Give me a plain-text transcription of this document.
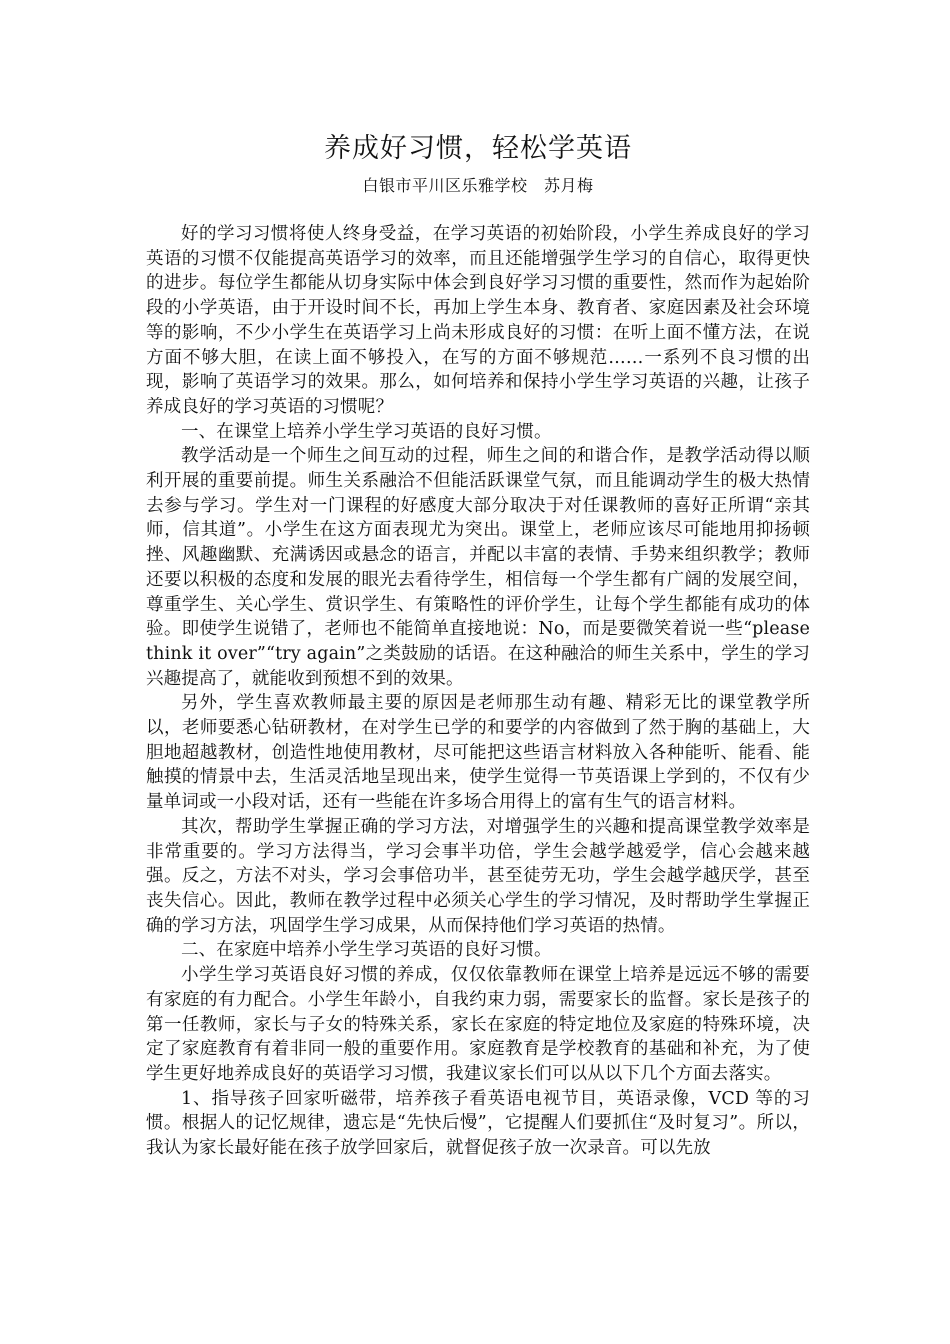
养成好习惯，轻松学英语
白银市平川区乐雅学校　苏月梅

好的学习习惯将使人终身受益，在学习英语的初始阶段，小学生养成良好的学习英语的习惯不仅能提高英语学习的效率，而且还能增强学生学习的自信心，取得更快的进步。每位学生都能从切身实际中体会到良好学习习惯的重要性，然而作为起始阶段的小学英语，由于开设时间不长，再加上学生本身、教育者、家庭因素及社会环境等的影响，不少小学生在英语学习上尚未形成良好的习惯：在听上面不懂方法，在说方面不够大胆，在读上面不够投入，在写的方面不够规范……一系列不良习惯的出现，影响了英语学习的效果。那么，如何培养和保持小学生学习英语的兴趣，让孩子养成良好的学习英语的习惯呢？

一、在课堂上培养小学生学习英语的良好习惯。

教学活动是一个师生之间互动的过程，师生之间的和谐合作，是教学活动得以顺利开展的重要前提。师生关系融洽不但能活跃课堂气氛，而且能调动学生的极大热情去参与学习。学生对一门课程的好感度大部分取决于对任课教师的喜好正所谓“亲其师，信其道”。小学生在这方面表现尤为突出。课堂上，老师应该尽可能地用抑扬顿挫、风趣幽默、充满诱因或悬念的语言，并配以丰富的表情、手势来组织教学；教师还要以积极的态度和发展的眼光去看待学生，相信每一个学生都有广阔的发展空间，尊重学生、关心学生、赏识学生、有策略性的评价学生，让每个学生都能有成功的体验。即使学生说错了，老师也不能简单直接地说：No，而是要微笑着说一些“please think it over”“try again”之类鼓励的话语。在这种融洽的师生关系中，学生的学习兴趣提高了，就能收到预想不到的效果。

另外，学生喜欢教师最主要的原因是老师那生动有趣、精彩无比的课堂教学所以，老师要悉心钻研教材，在对学生已学的和要学的内容做到了然于胸的基础上，大胆地超越教材，创造性地使用教材，尽可能把这些语言材料放入各种能听、能看、能触摸的情景中去，生活灵活地呈现出来，使学生觉得一节英语课上学到的，不仅有少量单词或一小段对话，还有一些能在许多场合用得上的富有生气的语言材料。

其次，帮助学生掌握正确的学习方法，对增强学生的兴趣和提高课堂教学效率是非常重要的。学习方法得当，学习会事半功倍，学生会越学越爱学，信心会越来越强。反之，方法不对头，学习会事倍功半，甚至徒劳无功，学生会越学越厌学，甚至丧失信心。因此，教师在教学过程中必须关心学生的学习情况，及时帮助学生掌握正确的学习方法，巩固学生学习成果，从而保持他们学习英语的热情。

二、在家庭中培养小学生学习英语的良好习惯。

小学生学习英语良好习惯的养成，仅仅依靠教师在课堂上培养是远远不够的需要有家庭的有力配合。小学生年龄小，自我约束力弱，需要家长的监督。家长是孩子的第一任教师，家长与子女的特殊关系，家长在家庭的特定地位及家庭的特殊环境，决定了家庭教育有着非同一般的重要作用。家庭教育是学校教育的基础和补充，为了使学生更好地养成良好的英语学习习惯，我建议家长们可以从以下几个方面去落实。

1、指导孩子回家听磁带，培养孩子看英语电视节目，英语录像，VCD 等的习惯。根据人的记忆规律，遗忘是“先快后慢”，它提醒人们要抓住“及时复习”。所以，我认为家长最好能在孩子放学回家后，就督促孩子放一次录音。可以先放
